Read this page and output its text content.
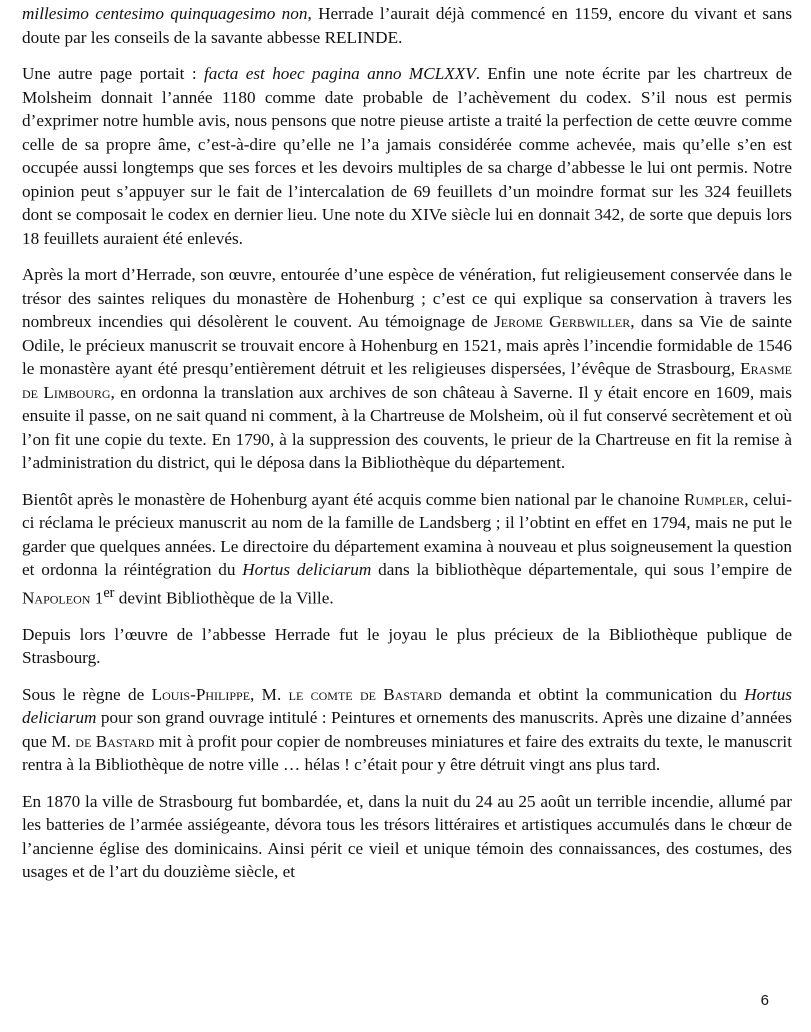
millesimo centesimo quinquagesimo non, Herrade l’aurait déjà commencé en 1159, encore du vivant et sans doute par les conseils de la savante abbesse RELINDE.

Une autre page portait : facta est hoec pagina anno MCLXXV. Enfin une note écrite par les chartreux de Molsheim donnait l’année 1180 comme date probable de l’achèvement du codex. S’il nous est permis d’exprimer notre humble avis, nous pensons que notre pieuse artiste a traité la perfection de cette œuvre comme celle de sa propre âme, c’est-à-dire qu’elle ne l’a jamais considérée comme achevée, mais qu’elle s’en est occupée aussi longtemps que ses forces et les devoirs multiples de sa charge d’abbesse le lui ont permis. Notre opinion peut s’appuyer sur le fait de l’intercalation de 69 feuillets d’un moindre format sur les 324 feuillets dont se composait le codex en dernier lieu. Une note du XIVe siècle lui en donnait 342, de sorte que depuis lors 18 feuillets auraient été enlevés.

Après la mort d’Herrade, son œuvre, entourée d’une espèce de vénération, fut religieusement conservée dans le trésor des saintes reliques du monastère de Hohenburg ; c’est ce qui explique sa conservation à travers les nombreux incendies qui désolèrent le couvent. Au témoignage de Jerome Gerbwiller, dans sa Vie de sainte Odile, le précieux manuscrit se trouvait encore à Hohenburg en 1521, mais après l’incendie formidable de 1546 le monastère ayant été presqu’entièrement détruit et les religieuses dispersées, l’évêque de Strasbourg, Erasme de Limbourg, en ordonna la translation aux archives de son château à Saverne. Il y était encore en 1609, mais ensuite il passe, on ne sait quand ni comment, à la Chartreuse de Molsheim, où il fut conservé secrètement et où l’on fit une copie du texte. En 1790, à la suppression des couvents, le prieur de la Chartreuse en fit la remise à l’administration du district, qui le déposa dans la Bibliothèque du département.

Bientôt après le monastère de Hohenburg ayant été acquis comme bien national par le chanoine Rumpler, celui-ci réclama le précieux manuscrit au nom de la famille de Landsberg ; il l’obtint en effet en 1794, mais ne put le garder que quelques années. Le directoire du département examina à nouveau et plus soigneusement la question et ordonna la réintégration du Hortus deliciarum dans la bibliothèque départementale, qui sous l’empire de Napoleon 1er devint Bibliothèque de la Ville.

Depuis lors l’œuvre de l’abbesse Herrade fut le joyau le plus précieux de la Bibliothèque publique de Strasbourg.

Sous le règne de Louis-Philippe, M. le comte de Bastard demanda et obtint la communication du Hortus deliciarum pour son grand ouvrage intitulé : Peintures et ornements des manuscrits. Après une dizaine d’années que M. de Bastard mit à profit pour copier de nombreuses miniatures et faire des extraits du texte, le manuscrit rentra à la Bibliothèque de notre ville … hélas ! c’était pour y être détruit vingt ans plus tard.

En 1870 la ville de Strasbourg fut bombardée, et, dans la nuit du 24 au 25 août un terrible incendie, allumé par les batteries de l’armée assiégeante, dévora tous les trésors littéraires et artistiques accumulés dans le chœur de l’ancienne église des dominicains. Ainsi périt ce vieil et unique témoin des connaissances, des costumes, des usages et de l’art du douzième siècle, et

6
